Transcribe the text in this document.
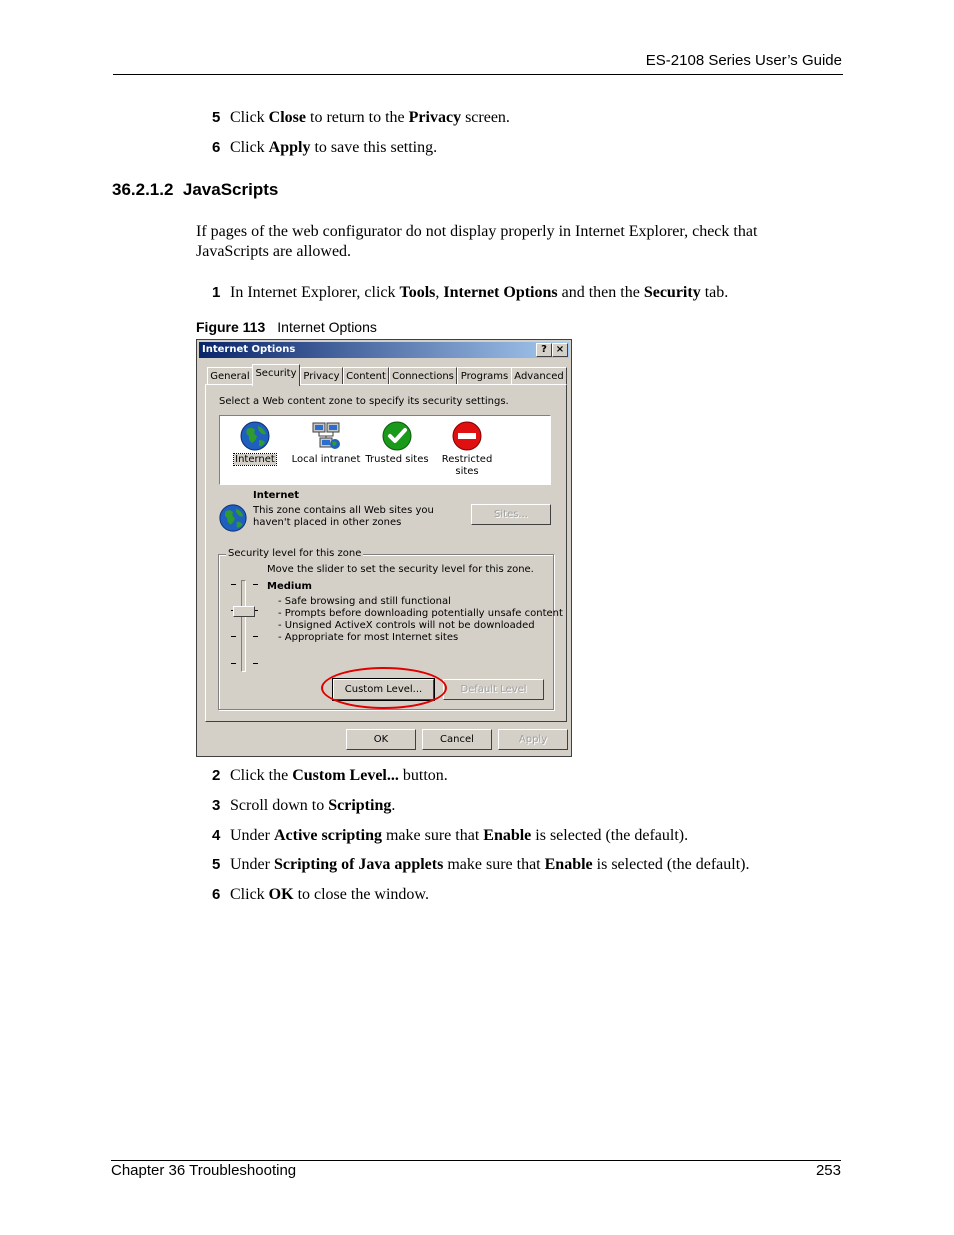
ES-2108 Series User’s Guide
5 Click Close to return to the Privacy screen.
6 Click Apply to save this setting.
36.2.1.2  JavaScripts
If pages of the web configurator do not display properly in Internet Explorer, check that
JavaScripts are allowed.
1 In Internet Explorer, click Tools, Internet Options and then the Security tab.
Figure 113 Internet Options
Internet Options	? ×
General Security Privacy Content Connections Programs Advanced
Select a Web content zone to specify its security settings.
Internet	Local intranet Trusted sites	Restricted sites
Internet
This zone contains all Web sites you
haven't placed in other zones
Sites...
Security level for this zone
Move the slider to set the security level for this zone.
Medium
- Safe browsing and still functional
- Prompts before downloading potentially unsafe content
- Unsigned ActiveX controls will not be downloaded
- Appropriate for most Internet sites
Custom Level...	Default Level
OK	Cancel	Apply
2 Click the Custom Level... button.
3 Scroll down to Scripting.
4 Under Active scripting make sure that Enable is selected (the default).
5 Under Scripting of Java applets make sure that Enable is selected (the default).
6 Click OK to close the window.
Chapter 36 Troubleshooting	253
